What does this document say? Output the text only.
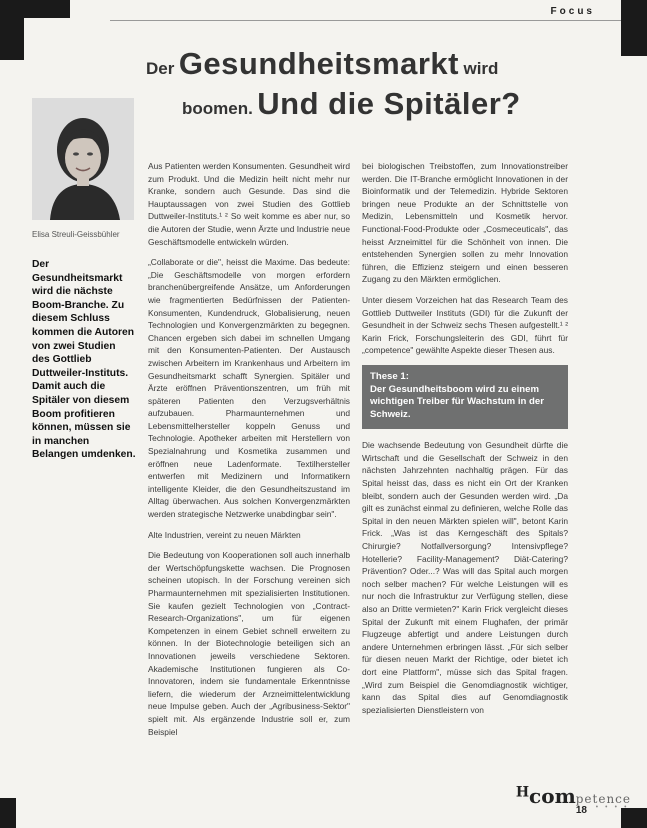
Focus
Der Gesundheitsmarkt wird
boomen. Und die Spitäler?
Elisa Streuli-Geissbühler
Der Gesundheitsmarkt wird die nächste Boom-Branche. Zu diesem Schluss kommen die Autoren von zwei Studien des Gottlieb Duttweiler-Instituts. Damit auch die Spitäler von diesem Boom profitieren können, müssen sie in manchen Belangen umdenken.

Aus Patienten werden Konsumenten. Gesundheit wird zum Produkt. Und die Medizin heilt nicht mehr nur Kranke, sondern auch Gesunde. Das sind die Hauptaussagen von zwei Studien des Gottlieb Duttweiler-Instituts.¹ ² So weit komme es aber nur, so die Autoren der Studie, wenn Ärzte und Industrie neue Geschäftsmodelle entwickeln würden.

„Collaborate or die", heisst die Maxime. Das bedeute: „Die Geschäftsmodelle von morgen erfordern branchenübergreifende Ansätze, um Anforderungen wie fragmentierten Bedürfnissen der Patienten-Konsumenten, Kundendruck, Globalisierung, neuen Technologien und Konvergenzmärkten zu begegnen. Chancen ergeben sich dabei im schnellen Umgang mit den Konsumenten-Patienten. Der Austausch zwischen Arbeitern im Krankenhaus und Arbeitern im Gesundheitsmarkt schafft Synergien. Spitäler und Ärzte eröffnen Präventionszentren, um früh mit späteren Patienten den Verzugsverhältnis aufzubauen. Pharmaunternehmen und Lebensmittelhersteller koppeln Genuss und Technologie. Apotheker arbeiten mit Herstellern von Spezialnahrung und Kosmetika zusammen und eröffnen neue Ladenformate. Textilhersteller entwerfen mit Medizinern und Informatikern intelligente Kleider, die den Gesundheitszustand im Alltag überwachen. Aus solchen Konvergenzmärkten werden strategische Netzwerke unabdingbar sein".

Alte Industrien, vereint zu neuen Märkten

Die Bedeutung von Kooperationen soll auch innerhalb der Wertschöpfungskette wachsen. Die Prognosen scheinen utopisch. In der Forschung vereinen sich Pharmaunternehmen mit spezialisierten Institutionen. Sie kaufen gezielt Technologien von „Contract-Research-Organizations", um für eigenen Kompetenzen in einem Gebiet schnell erweitern zu können. In der Biotechnologie beteiligen sich an Innovationen jeweils verschiedene Sektoren. Akademische Institutionen fungieren als Co-Innovatoren, indem sie fundamentale Erkenntnisse liefern, die wiederum der Arzneimittelentwicklung neue Impulse geben. Auch der „Agribusiness-Sektor" spielt mit. Als ergänzende Industrie soll er, zum Beispiel

bei biologischen Treibstoffen, zum Innovationstreiber werden. Die IT-Branche ermöglicht Innovationen in der Bioinformatik und der Telemedizin. Hybride Sektoren bringen neue Produkte an der Schnittstelle von Medizin, Lebensmitteln und Kosmetik hervor. Functional-Food-Produkte oder „Cosmeceuticals", das heisst Arzneimittel für die Schönheit von innen. Die entstehenden Synergien sollen zu mehr Innovation führen, die Effizienz steigern und einen besseren Zugang zu den Märkten ermöglichen.

Unter diesem Vorzeichen hat das Research Team des Gottlieb Duttweiler Instituts (GDI) für die Zukunft der Gesundheit in der Schweiz sechs Thesen aufgestellt.¹ ² Karin Frick, Forschungsleiterin des GDI, führt für „competence" gewählte Aspekte dieser Thesen aus.

These 1:
Der Gesundheitsboom wird zu einem wichtigen Treiber für Wachstum in der Schweiz.

Die wachsende Bedeutung von Gesundheit dürfte die Wirtschaft und die Gesellschaft der Schweiz in den nächsten Jahrzehnten nachhaltig prägen. Für das Spital heisst das, dass es nicht ein Ort der Kranken bleibt, sondern auch der Gesunden werden wird. „Da gilt es zunächst einmal zu definieren, welche Rolle das Spital in den neuen Märkten spielen will", betont Karin Frick. „Was ist das Kerngeschäft des Spitals? Chirurgie? Notfallversorgung? Intensivpflege? Hotellerie? Facility-Management? Diät-Catering? Prävention? Oder...? Was will das Spital auch morgen noch selber machen? Für welche Leistungen will es nur noch die Infrastruktur zur Verfügung stellen, diese also an Dritte vermieten?" Karin Frick vergleicht dieses Spital der Zukunft mit einem Flughafen, der primär Flugzeuge abfertigt und andere Leistungen durch andere Unternehmen erbringen lässt. „Für sich selber für diesen neuen Markt der Richtige, oder bietet ich dort eine Plattform", müsse sich das Spital fragen. „Wird zum Beispiel die Genomdiagnostik wichtiger, kann das Spital dies auf Genomdiagnostik spezialisierten Dienstleistern von

Hcompetence
• • • •
18
